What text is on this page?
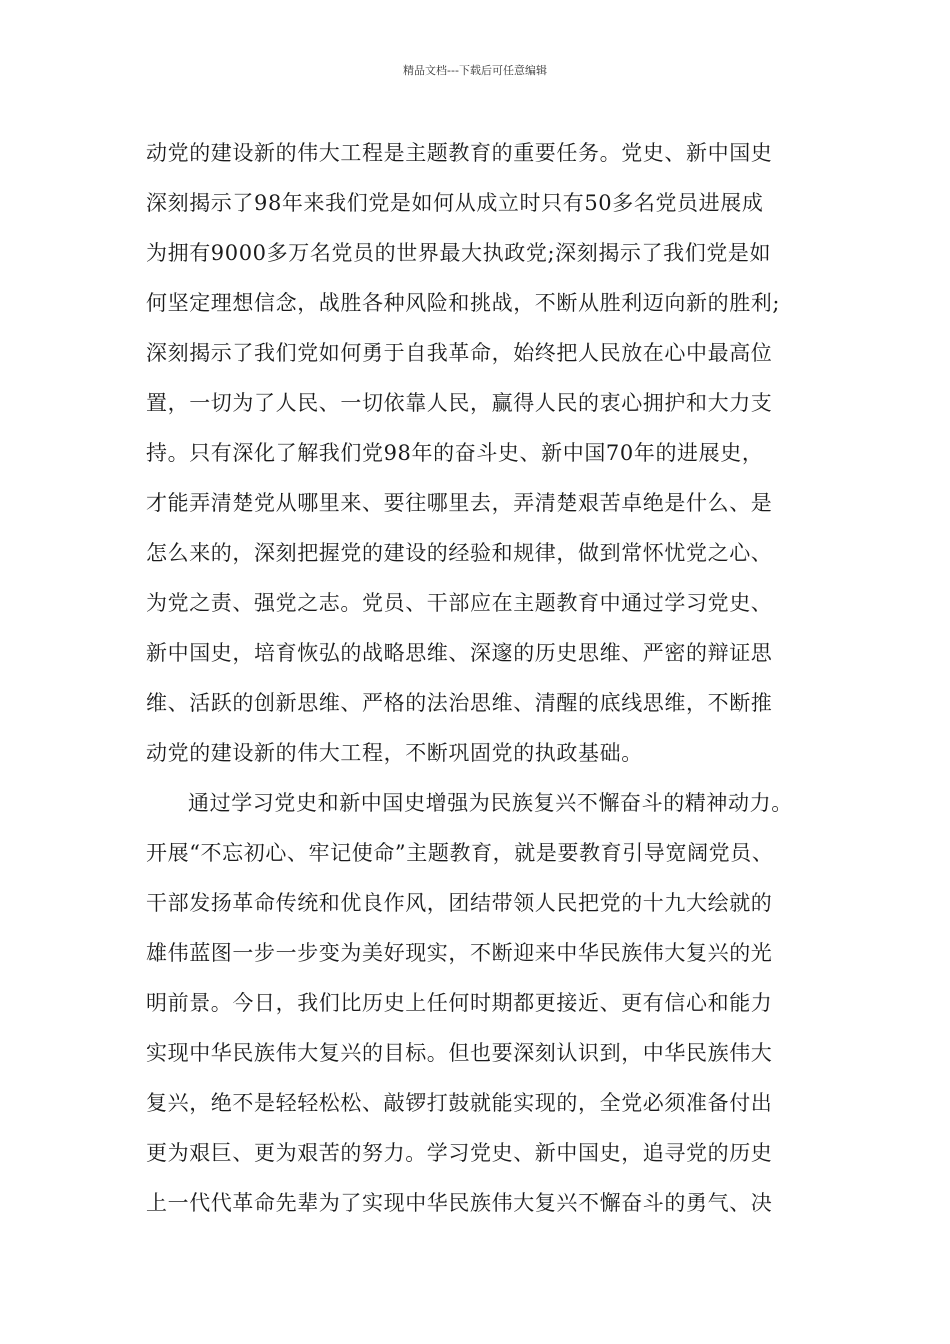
精品文档---下载后可任意编辑
动党的建设新的伟大工程是主题教育的重要任务。党史、新中国史
深刻揭示了98年来我们党是如何从成立时只有50多名党员进展成
为拥有9000多万名党员的世界最大执政党;深刻揭示了我们党是如
何坚定理想信念，战胜各种风险和挑战，不断从胜利迈向新的胜利;
深刻揭示了我们党如何勇于自我革命，始终把人民放在心中最高位
置，一切为了人民、一切依靠人民，赢得人民的衷心拥护和大力支
持。只有深化了解我们党98年的奋斗史、新中国70年的进展史，
才能弄清楚党从哪里来、要往哪里去，弄清楚艰苦卓绝是什么、是
怎么来的，深刻把握党的建设的经验和规律，做到常怀忧党之心、
为党之责、强党之志。党员、干部应在主题教育中通过学习党史、
新中国史，培育恢弘的战略思维、深邃的历史思维、严密的辩证思
维、活跃的创新思维、严格的法治思维、清醒的底线思维，不断推
动党的建设新的伟大工程，不断巩固党的执政基础。
通过学习党史和新中国史增强为民族复兴不懈奋斗的精神动力。
开展“不忘初心、牢记使命”主题教育，就是要教育引导宽阔党员、
干部发扬革命传统和优良作风，团结带领人民把党的十九大绘就的
雄伟蓝图一步一步变为美好现实，不断迎来中华民族伟大复兴的光
明前景。今日，我们比历史上任何时期都更接近、更有信心和能力
实现中华民族伟大复兴的目标。但也要深刻认识到，中华民族伟大
复兴，绝不是轻轻松松、敲锣打鼓就能实现的，全党必须准备付出
更为艰巨、更为艰苦的努力。学习党史、新中国史，追寻党的历史
上一代代革命先辈为了实现中华民族伟大复兴不懈奋斗的勇气、决
